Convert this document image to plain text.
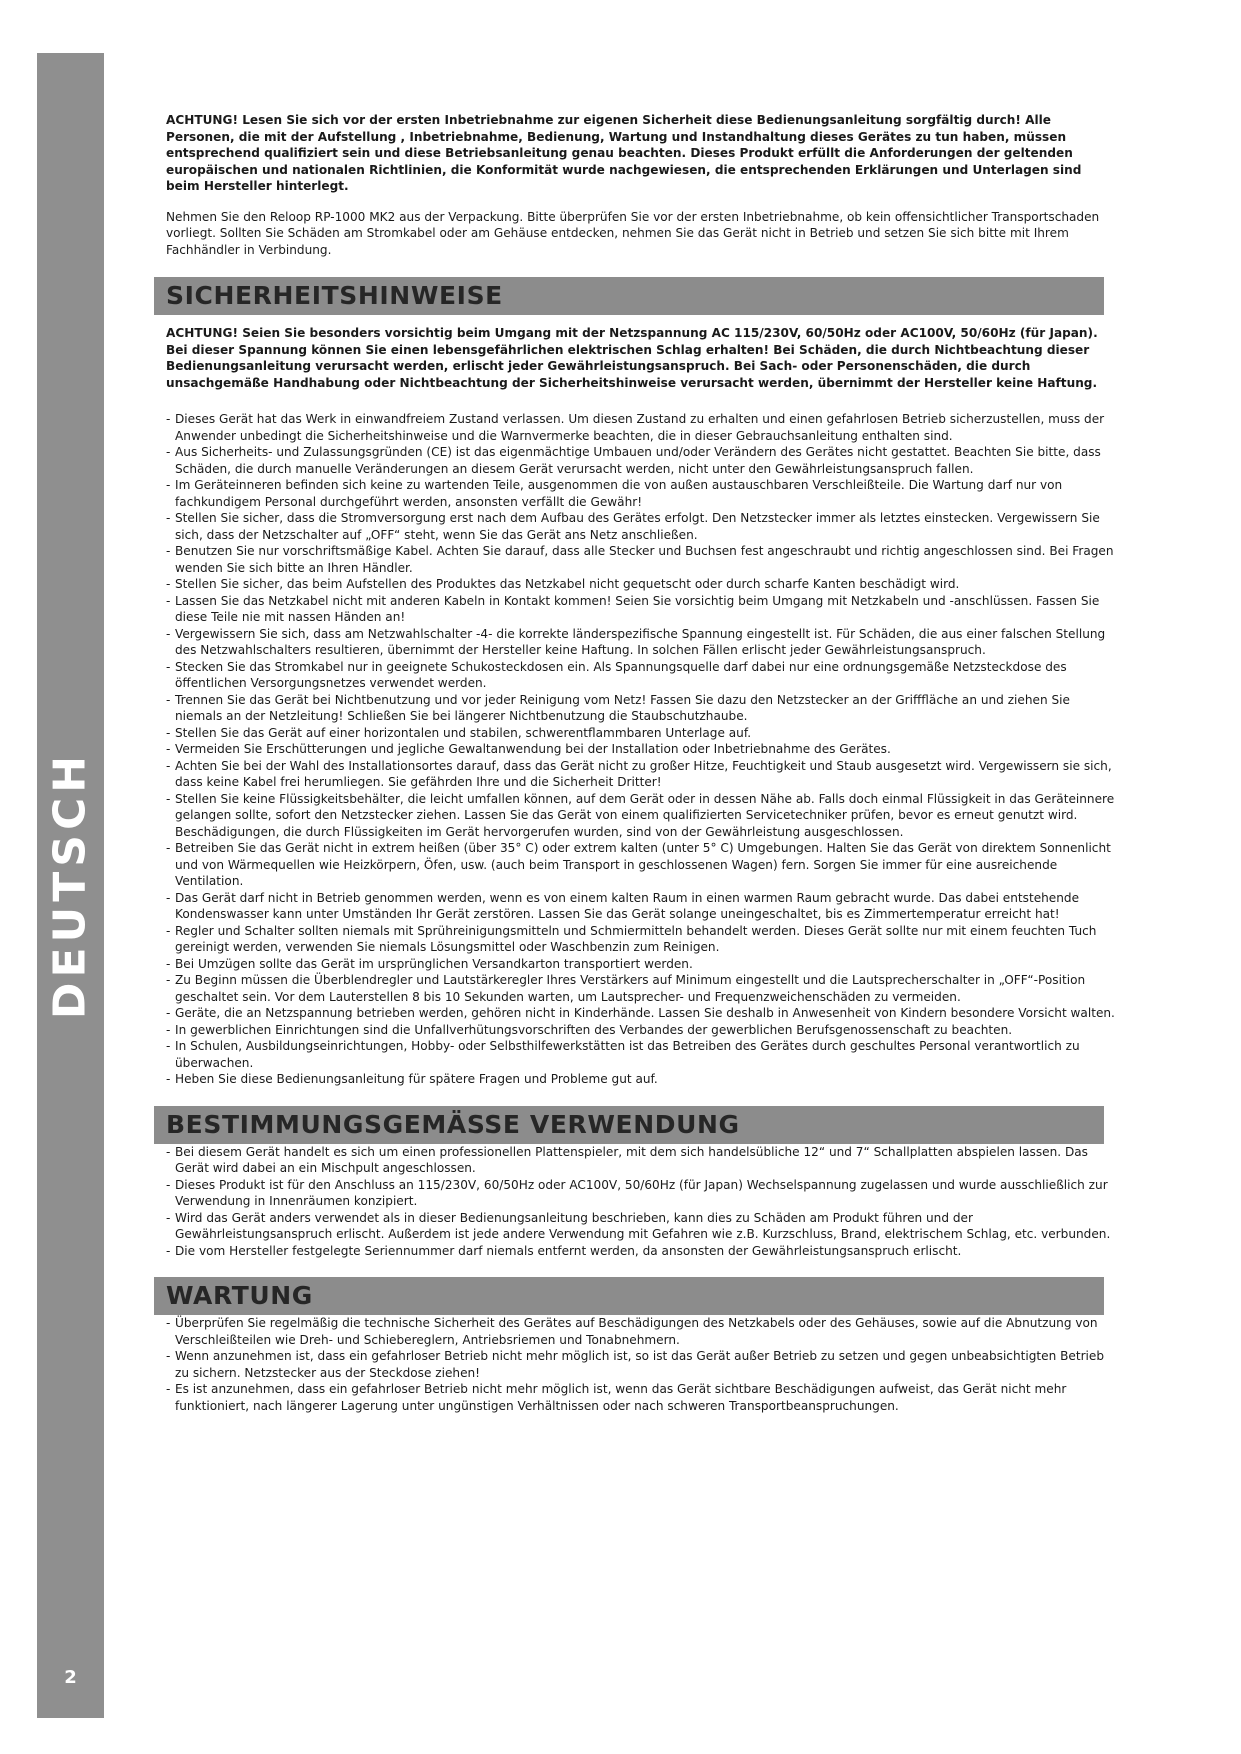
DEUTSCH
2

ACHTUNG! Lesen Sie sich vor der ersten Inbetriebnahme zur eigenen Sicherheit diese Bedienungsanleitung sorgfältig durch! Alle Personen, die mit der Aufstellung , Inbetriebnahme, Bedienung, Wartung und Instandhaltung dieses Gerätes zu tun haben, müssen entsprechend qualifiziert sein und diese Betriebsanleitung genau beachten. Dieses Produkt erfüllt die Anforderungen der geltenden europäischen und nationalen Richtlinien, die Konformität wurde nachgewiesen, die entsprechenden Erklärungen und Unterlagen sind beim Hersteller hinterlegt.

Nehmen Sie den Reloop RP-1000 MK2 aus der Verpackung. Bitte überprüfen Sie vor der ersten Inbetriebnahme, ob kein offensichtlicher Transportschaden vorliegt. Sollten Sie Schäden am Stromkabel oder am Gehäuse entdecken, nehmen Sie das Gerät nicht in Betrieb und setzen Sie sich bitte mit Ihrem Fachhändler in Verbindung.

SICHERHEITSHINWEISE

ACHTUNG! Seien Sie besonders vorsichtig beim Umgang mit der Netzspannung AC 115/230V, 60/50Hz oder AC100V, 50/60Hz (für Japan). Bei dieser Spannung können Sie einen lebensgefährlichen elektrischen Schlag erhalten! Bei Schäden, die durch Nichtbeachtung dieser Bedienungsanleitung verursacht werden, erlischt jeder Gewährleistungsanspruch. Bei Sach- oder Personenschäden, die durch unsachgemäße Handhabung oder Nichtbeachtung der Sicherheitshinweise verursacht werden, übernimmt der Hersteller keine Haftung.

- Dieses Gerät hat das Werk in einwandfreiem Zustand verlassen. Um diesen Zustand zu erhalten und einen gefahrlosen Betrieb sicherzustellen, muss der Anwender unbedingt die Sicherheitshinweise und die Warnvermerke beachten, die in dieser Gebrauchsanleitung enthalten sind.
- Aus Sicherheits- und Zulassungsgründen (CE) ist das eigenmächtige Umbauen und/oder Verändern des Gerätes nicht gestattet. Beachten Sie bitte, dass Schäden, die durch manuelle Veränderungen an diesem Gerät verursacht werden, nicht unter den Gewährleistungsanspruch fallen.
- Im Geräteinneren befinden sich keine zu wartenden Teile, ausgenommen die von außen austauschbaren Verschleißteile. Die Wartung darf nur von fachkundigem Personal durchgeführt werden, ansonsten verfällt die Gewähr!
- Stellen Sie sicher, dass die Stromversorgung erst nach dem Aufbau des Gerätes erfolgt. Den Netzstecker immer als letztes einstecken. Vergewissern Sie sich, dass der Netzschalter auf „OFF“ steht, wenn Sie das Gerät ans Netz anschließen.
- Benutzen Sie nur vorschriftsmäßige Kabel. Achten Sie darauf, dass alle Stecker und Buchsen fest angeschraubt und richtig angeschlossen sind. Bei Fragen wenden Sie sich bitte an Ihren Händler.
- Stellen Sie sicher, das beim Aufstellen des Produktes das Netzkabel nicht gequetscht oder durch scharfe Kanten beschädigt wird.
- Lassen Sie das Netzkabel nicht mit anderen Kabeln in Kontakt kommen! Seien Sie vorsichtig beim Umgang mit Netzkabeln und -anschlüssen. Fassen Sie diese Teile nie mit nassen Händen an!
- Vergewissern Sie sich, dass am Netzwahlschalter -4- die korrekte länderspezifische Spannung eingestellt ist. Für Schäden, die aus einer falschen Stellung des Netzwahlschalters resultieren, übernimmt der Hersteller keine Haftung. In solchen Fällen erlischt jeder Gewährleistungsanspruch.
- Stecken Sie das Stromkabel nur in geeignete Schukosteckdosen ein. Als Spannungsquelle darf dabei nur eine ordnungsgemäße Netzsteckdose des öffentlichen Versorgungsnetzes verwendet werden.
- Trennen Sie das Gerät bei Nichtbenutzung und vor jeder Reinigung vom Netz! Fassen Sie dazu den Netzstecker an der Grifffläche an und ziehen Sie niemals an der Netzleitung! Schließen Sie bei längerer Nichtbenutzung die Staubschutzhaube.
- Stellen Sie das Gerät auf einer horizontalen und stabilen, schwerentflammbaren Unterlage auf.
- Vermeiden Sie Erschütterungen und jegliche Gewaltanwendung bei der Installation oder Inbetriebnahme des Gerätes.
- Achten Sie bei der Wahl des Installationsortes darauf, dass das Gerät nicht zu großer Hitze, Feuchtigkeit und Staub ausgesetzt wird. Vergewissern sie sich, dass keine Kabel frei herumliegen. Sie gefährden Ihre und die Sicherheit Dritter!
- Stellen Sie keine Flüssigkeitsbehälter, die leicht umfallen können, auf dem Gerät oder in dessen Nähe ab. Falls doch einmal Flüssigkeit in das Geräteinnere gelangen sollte, sofort den Netzstecker ziehen. Lassen Sie das Gerät von einem qualifizierten Servicetechniker prüfen, bevor es erneut genutzt wird. Beschädigungen, die durch Flüssigkeiten im Gerät hervorgerufen wurden, sind von der Gewährleistung ausgeschlossen.
- Betreiben Sie das Gerät nicht in extrem heißen (über 35° C) oder extrem kalten (unter 5° C) Umgebungen. Halten Sie das Gerät von direktem Sonnenlicht und von Wärmequellen wie Heizkörpern, Öfen, usw. (auch beim Transport in geschlossenen Wagen) fern. Sorgen Sie immer für eine ausreichende Ventilation.
- Das Gerät darf nicht in Betrieb genommen werden, wenn es von einem kalten Raum in einen warmen Raum gebracht wurde. Das dabei entstehende Kondenswasser kann unter Umständen Ihr Gerät zerstören. Lassen Sie das Gerät solange uneingeschaltet, bis es Zimmertemperatur erreicht hat!
- Regler und Schalter sollten niemals mit Sprühreinigungsmitteln und Schmiermitteln behandelt werden. Dieses Gerät sollte nur mit einem feuchten Tuch gereinigt werden, verwenden Sie niemals Lösungsmittel oder Waschbenzin zum Reinigen.
- Bei Umzügen sollte das Gerät im ursprünglichen Versandkarton transportiert werden.
- Zu Beginn müssen die Überblendregler und Lautstärkeregler Ihres Verstärkers auf Minimum eingestellt und die Lautsprecherschalter in „OFF“-Position geschaltet sein. Vor dem Lauterstellen 8 bis 10 Sekunden warten, um Lautsprecher- und Frequenzweichenschäden zu vermeiden.
- Geräte, die an Netzspannung betrieben werden, gehören nicht in Kinderhände. Lassen Sie deshalb in Anwesenheit von Kindern besondere Vorsicht walten.
- In gewerblichen Einrichtungen sind die Unfallverhütungsvorschriften des Verbandes der gewerblichen Berufsgenossenschaft zu beachten.
- In Schulen, Ausbildungseinrichtungen, Hobby- oder Selbsthilfewerkstätten ist das Betreiben des Gerätes durch geschultes Personal verantwortlich zu überwachen.
- Heben Sie diese Bedienungsanleitung für spätere Fragen und Probleme gut auf.
BESTIMMUNGSGEMÄSSE VERWENDUNG
- Bei diesem Gerät handelt es sich um einen professionellen Plattenspieler, mit dem sich handelsübliche 12“ und 7“ Schallplatten abspielen lassen. Das Gerät wird dabei an ein Mischpult angeschlossen.
- Dieses Produkt ist für den Anschluss an 115/230V, 60/50Hz oder AC100V, 50/60Hz (für Japan) Wechselspannung zugelassen und wurde ausschließlich zur Verwendung in Innenräumen konzipiert.
- Wird das Gerät anders verwendet als in dieser Bedienungsanleitung beschrieben, kann dies zu Schäden am Produkt führen und der Gewährleistungsanspruch erlischt. Außerdem ist jede andere Verwendung mit Gefahren wie z.B. Kurzschluss, Brand, elektrischem Schlag, etc. verbunden.
- Die vom Hersteller festgelegte Seriennummer darf niemals entfernt werden, da ansonsten der Gewährleistungsanspruch erlischt.
WARTUNG
- Überprüfen Sie regelmäßig die technische Sicherheit des Gerätes auf Beschädigungen des Netzkabels oder des Gehäuses, sowie auf die Abnutzung von Verschleißteilen wie Dreh- und Schiebereglern, Antriebsriemen und Tonabnehmern.
- Wenn anzunehmen ist, dass ein gefahrloser Betrieb nicht mehr möglich ist, so ist das Gerät außer Betrieb zu setzen und gegen unbeabsichtigten Betrieb zu sichern. Netzstecker aus der Steckdose ziehen!
- Es ist anzunehmen, dass ein gefahrloser Betrieb nicht mehr möglich ist, wenn das Gerät sichtbare Beschädigungen aufweist, das Gerät nicht mehr funktioniert, nach längerer Lagerung unter ungünstigen Verhältnissen oder nach schweren Transportbeanspruchungen.
